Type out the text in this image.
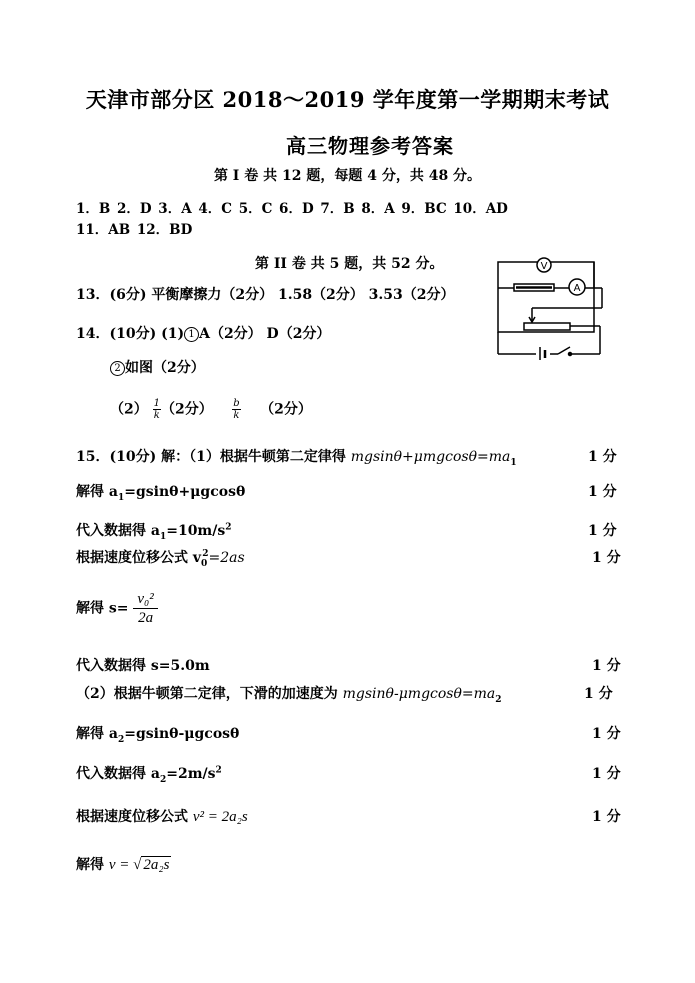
天津市部分区 2018～2019 学年度第一学期期末考试
高三物理参考答案
第 I 卷 共 12 题，每题 4 分，共 48 分。
1．B 2．D 3．A 4．C 5．C 6．D 7．B 8．A 9．BC 10．AD
11．AB 12．BD
第 II 卷 共 5 题，共 52 分。
13．(6分) 平衡摩擦力（2分） 1.58（2分） 3.53（2分）
14．(10分) (1) 1 A（2分） D（2分）
2 如图（2分）
$(2) \frac{1}{k} (2$分） $\frac{b}{k} (2$分）
V
A
15．(10分) 解：（1）根据牛顿第二定律得 $mgsin\theta+\mu mgcos\theta=ma_1$	1 分
解得 $a_1=gsin\theta+\mu gcos\theta$	1 分
代入数据得 $a_1=10m/s^2$	1 分
根据速度位移公式 $v_0^2=2as$	1 分
解得 $s= \frac{\text{v₀²}}{2a}$
代入数据得 s=5.0m	1 分
（2）根据牛顿第二定律，下滑的加速度为 mgsinθ-$\mu mgcos\theta=ma_2$	1 分
解得 $a_2=gsin\theta$-μgcosθ	1 分
代入数据得 $a_2=2m/s^2$	1 分
根据速度位移公式 v² = 2a₂s	1 分
解得 v = √ 2a₂s
